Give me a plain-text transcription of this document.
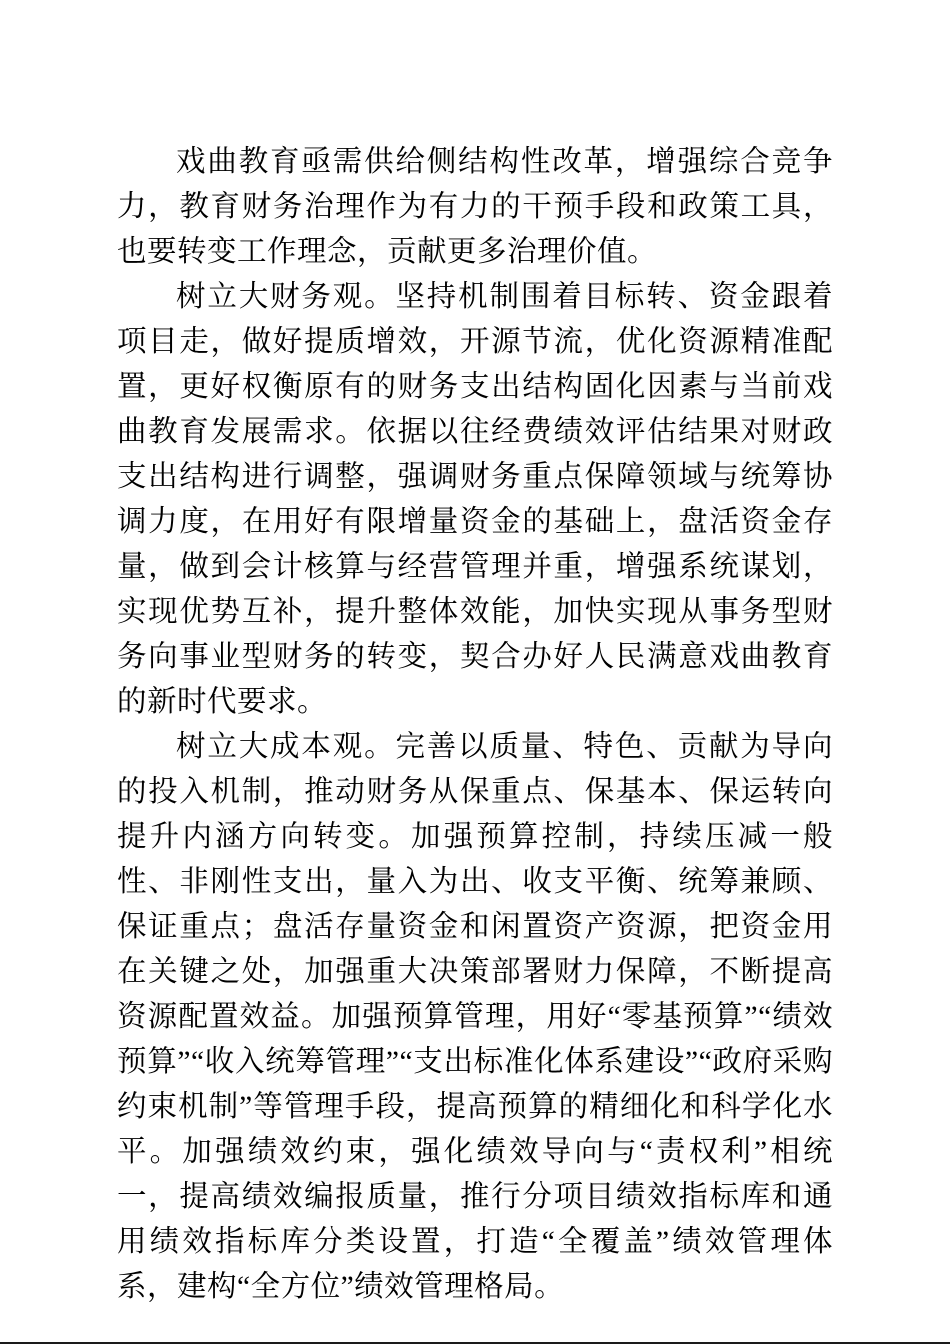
戏曲教育亟需供给侧结构性改革，增强综合竞争力，教育财务治理作为有力的干预手段和政策工具，也要转变工作理念，贡献更多治理价值。

树立大财务观。坚持机制围着目标转、资金跟着项目走，做好提质增效，开源节流，优化资源精准配置，更好权衡原有的财务支出结构固化因素与当前戏曲教育发展需求。依据以往经费绩效评估结果对财政支出结构进行调整，强调财务重点保障领域与统筹协调力度，在用好有限增量资金的基础上，盘活资金存量，做到会计核算与经营管理并重，增强系统谋划，实现优势互补，提升整体效能，加快实现从事务型财务向事业型财务的转变，契合办好人民满意戏曲教育的新时代要求。

树立大成本观。完善以质量、特色、贡献为导向的投入机制，推动财务从保重点、保基本、保运转向提升内涵方向转变。加强预算控制，持续压减一般性、非刚性支出，量入为出、收支平衡、统筹兼顾、保证重点；盘活存量资金和闲置资产资源，把资金用在关键之处，加强重大决策部署财力保障，不断提高资源配置效益。加强预算管理，用好“零基预算”“绩效预算”“收入统筹管理”“支出标准化体系建设”“政府采购约束机制”等管理手段，提高预算的精细化和科学化水平。加强绩效约束，强化绩效导向与“责权利”相统一，提高绩效编报质量，推行分项目绩效指标库和通用绩效指标库分类设置，打造“全覆盖”绩效管理体系，建构“全方位”绩效管理格局。
